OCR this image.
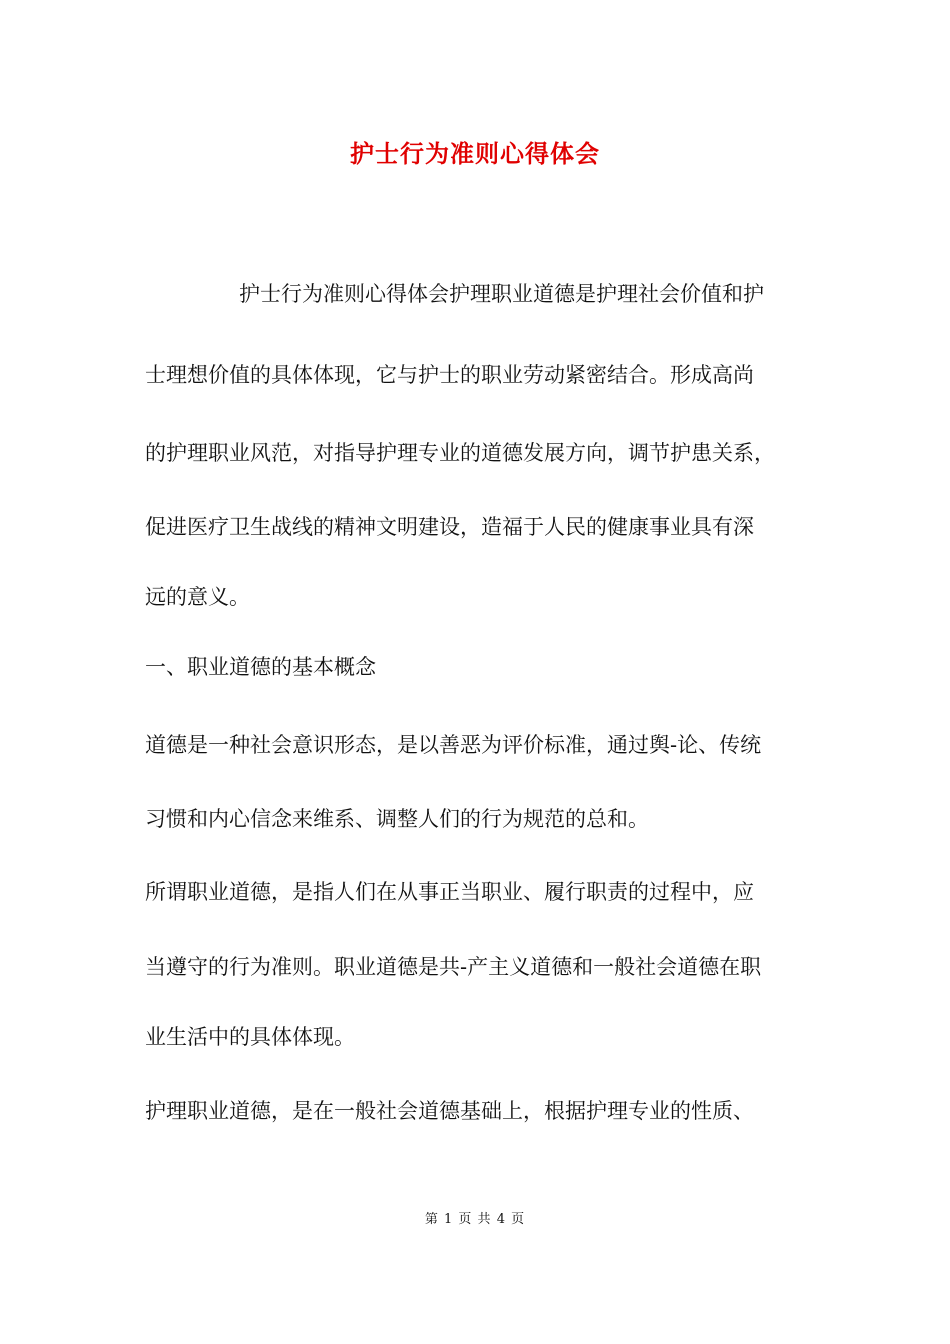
护士行为准则心得体会
护士行为准则心得体会护理职业道德是护理社会价值和护
士理想价值的具体体现，它与护士的职业劳动紧密结合。形成高尚
的护理职业风范，对指导护理专业的道德发展方向，调节护患关系，
促进医疗卫生战线的精神文明建设，造福于人民的健康事业具有深
远的意义。
一、职业道德的基本概念
道德是一种社会意识形态，是以善恶为评价标准，通过舆-论、传统
习惯和内心信念来维系、调整人们的行为规范的总和。
所谓职业道德，是指人们在从事正当职业、履行职责的过程中，应
当遵守的行为准则。职业道德是共-产主义道德和一般社会道德在职
业生活中的具体体现。
护理职业道德，是在一般社会道德基础上，根据护理专业的性质、
第 1 页 共 4 页
